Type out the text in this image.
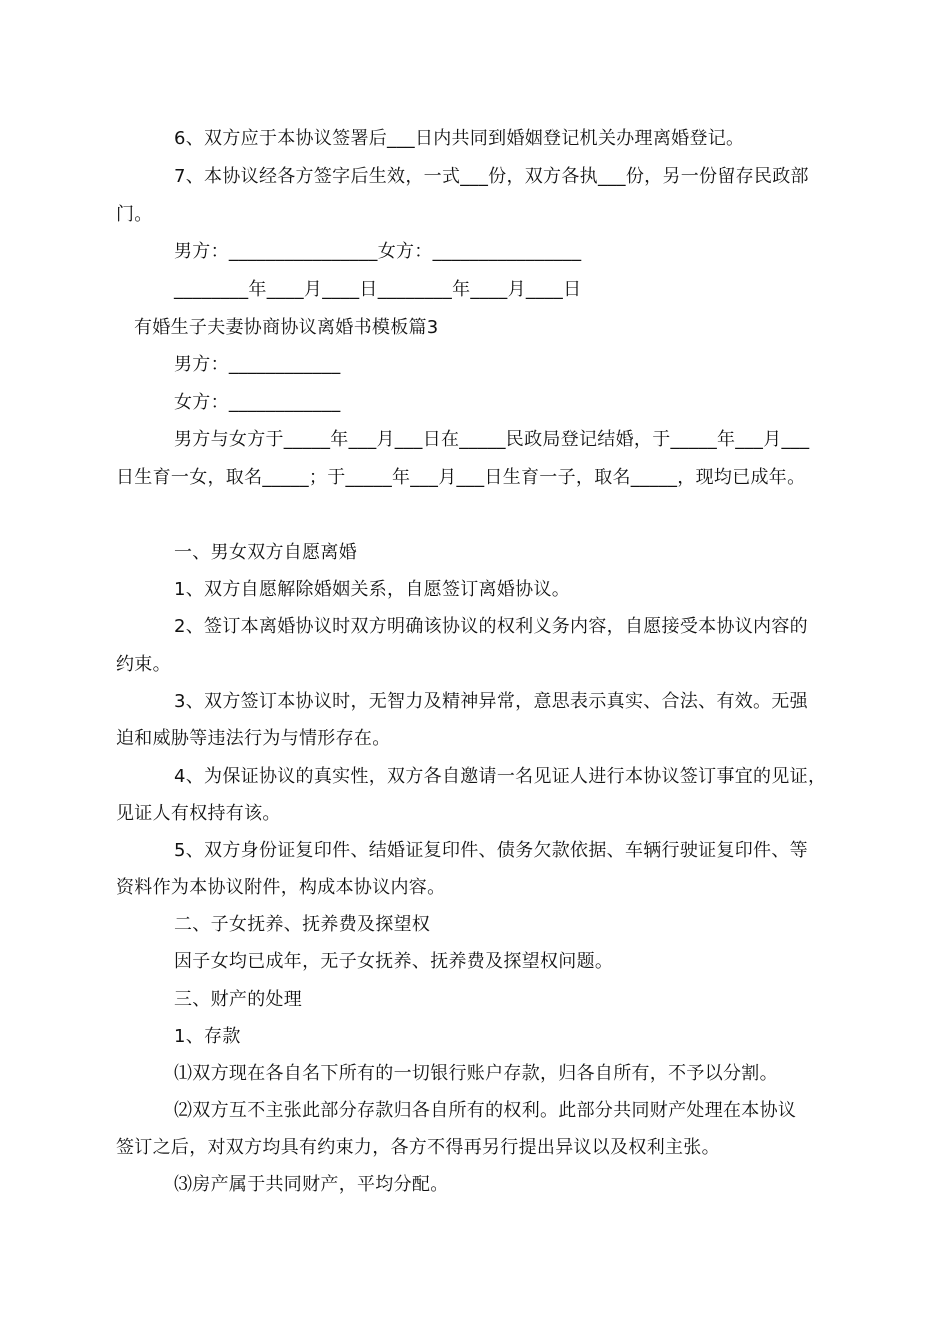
6、双方应于本协议签署后___日内共同到婚姻登记机关办理离婚登记。
7、本协议经各方签字后生效，一式___份，双方各执___份，另一份留存民政部
门。
男方：________________女方：________________
________年____月____日________年____月____日
有婚生子夫妻协商协议离婚书模板篇3
男方：____________
女方：____________
男方与女方于_____年___月___日在_____民政局登记结婚，于_____年___月___
日生育一女，取名_____；于_____年___月___日生育一子，取名_____，现均已成年。
一、男女双方自愿离婚
1、双方自愿解除婚姻关系，自愿签订离婚协议。
2、签订本离婚协议时双方明确该协议的权利义务内容，自愿接受本协议内容的
约束。
3、双方签订本协议时，无智力及精神异常，意思表示真实、合法、有效。无强
迫和威胁等违法行为与情形存在。
4、为保证协议的真实性，双方各自邀请一名见证人进行本协议签订事宜的见证，
见证人有权持有该。
5、双方身份证复印件、结婚证复印件、债务欠款依据、车辆行驶证复印件、等
资料作为本协议附件，构成本协议内容。
二、子女抚养、抚养费及探望权
因子女均已成年，无子女抚养、抚养费及探望权问题。
三、财产的处理
1、存款
⑴双方现在各自名下所有的一切银行账户存款，归各自所有，不予以分割。
⑵双方互不主张此部分存款归各自所有的权利。此部分共同财产处理在本协议
签订之后，对双方均具有约束力，各方不得再另行提出异议以及权利主张。
⑶房产属于共同财产，平均分配。
